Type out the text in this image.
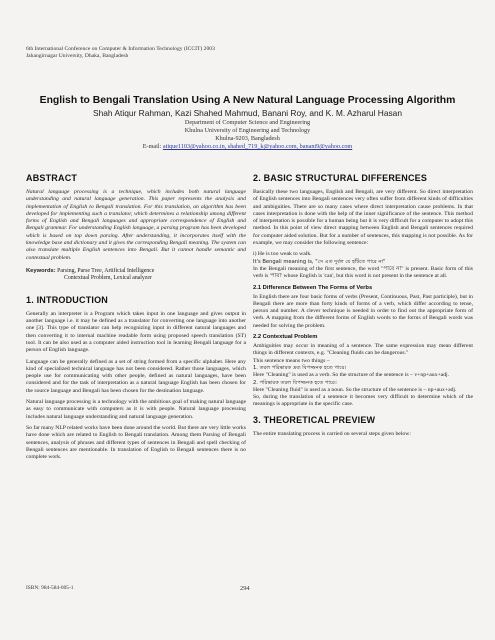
6th International Conference on Computer & Information Technology (ICCIT) 2003
Jahangirnagar University, Dhaka, Bangladesh
English to Bengali Translation Using A New Natural Language Processing Algorithm
Shah Atiqur Rahman, Kazi Shahed Mahmud, Banani Roy, and K. M. Azharul Hasan
Department of Computer Science and Engineering
Khulna University of Engineering and Technology
Khulna-9203, Bangladesh
E-mail: atique1103@yahoo.co.in, shahed_719_k@yahoo.com, banani9@yahoo.com
ABSTRACT

Natural language processing is a technique, which includes both natural language understanding and natural language generation. This paper represents the analysis and implementation of English to Bengali translation. For this translation, an algorithm has been developed for implementing such a translator, which determines a relationship among different forms of English and Bengali languages and appropriate correspondence of English and Bengali grammar. For understanding English language, a parsing program has been developed which is based on top down parsing. After understanding, it incorporates itself with the knowledge base and dictionary and it gives the corresponding Bengali meaning. The system can also translate multiple English sentences into Bengali. But it cannot handle semantic and contextual problem.

Keywords: Parsing, Parse Tree, Artificial Intelligence
Contextual Problem, Lexical analyzer
1. INTRODUCTION

Generally an interpreter is a Program which takes input in one language and gives output in another language i.e. it may be defined as a translator for converting one language into another one [3]. This type of translator can help recognizing input in different natural languages and then converting it to internal machine readable form using proposed speech translation (ST) tool. It can be also used as a computer aided instruction tool in learning Bengali language for a person of English language.

Language can be generally defined as a set of string formed from a specific alphabet. Here any kind of specialized technical language has not been considered. Rather those languages, which people use for communicating with other people, defined as natural languages, have been considered and for the task of interpretation as a natural language English has been chosen for the source language and Bengali has been chosen for the destination language.

Natural language processing is a technology with the ambitious goal of making natural language as easy to communicate with computers as it is with people. Natural language processing includes natural language understanding and natural language generation.

So far many NLP related works have been done around the world. But there are very little works have done which are related to English to Bengali translation. Among them Parsing of Bengali sentences, analysis of phrases and different types of sentences in Bengali and spell checking of Bengali sentences are mentionable. In translation of English to Bengali sentences there is no complete work.

2. BASIC STRUCTURAL DIFFERENCES

Basically these two languages, English and Bengali, are very different. So direct interpretation of English sentences into Bengali sentences very often suffer from different kinds of difficulties and ambiguities. There are so many cases where direct interpretation cause problems. In that cases interpretation is done with the help of the inner significance of the sentence. This method of interpretation is possible for a human being but it is very difficult for a computer to adopt this method. In this point of view direct mapping between English and Bengali sentences required for computer aided solution. But for a number of sentences, this mapping is not possible. As for example, we may consider the following sentence:

i) He is too weak to walk.

It's Bengali meaning is, "সে এত দুর্বল যে হাঁটতে পারে না"

In the Bengali meaning of the first sentence, the word "পারে না" is present. Basic form of this verb is 'পারা' whose English is 'can', but this word is not present in the sentence at all.

2.1 Difference Between The Forms of Verbs

In English there are four basic forms of verbs (Present, Continuous, Past, Past participle), but in Bengali there are more than forty kinds of forms of a verb, which differ according to tense, person and number. A clever technique is needed in order to find out the appropriate form of verb. A mapping from the different forms of English words to the forms of Bengali words was needed for solving the problem.

2.2 Contextual Problem

Ambiguities may occur in meaning of a sentence. The same expression may mean different things in different contexts, e.g. "Cleaning fluids can be dangerous."

This sentence means two things –

1. তরল পরিষ্কারক দ্রব্য বিপজ্জনক হতে পারে।

Here "Cleaning" is used as a verb. So the structure of the sentence is – v+np+aux+adj.

2. পরিষ্কারক তরল বিপজ্জনক হতে পারে।

Here "Cleaning fluid" is used as a noun. So the structure of the sentence is – np+aux+adj.

So, during the translation of a sentence it becomes very difficult to determine which of the meanings is appropriate in the specific case.

3. THEORETICAL PREVIEW

The entire translating process is carried on several steps given below:

ISBN: 984-584-005-1	294
